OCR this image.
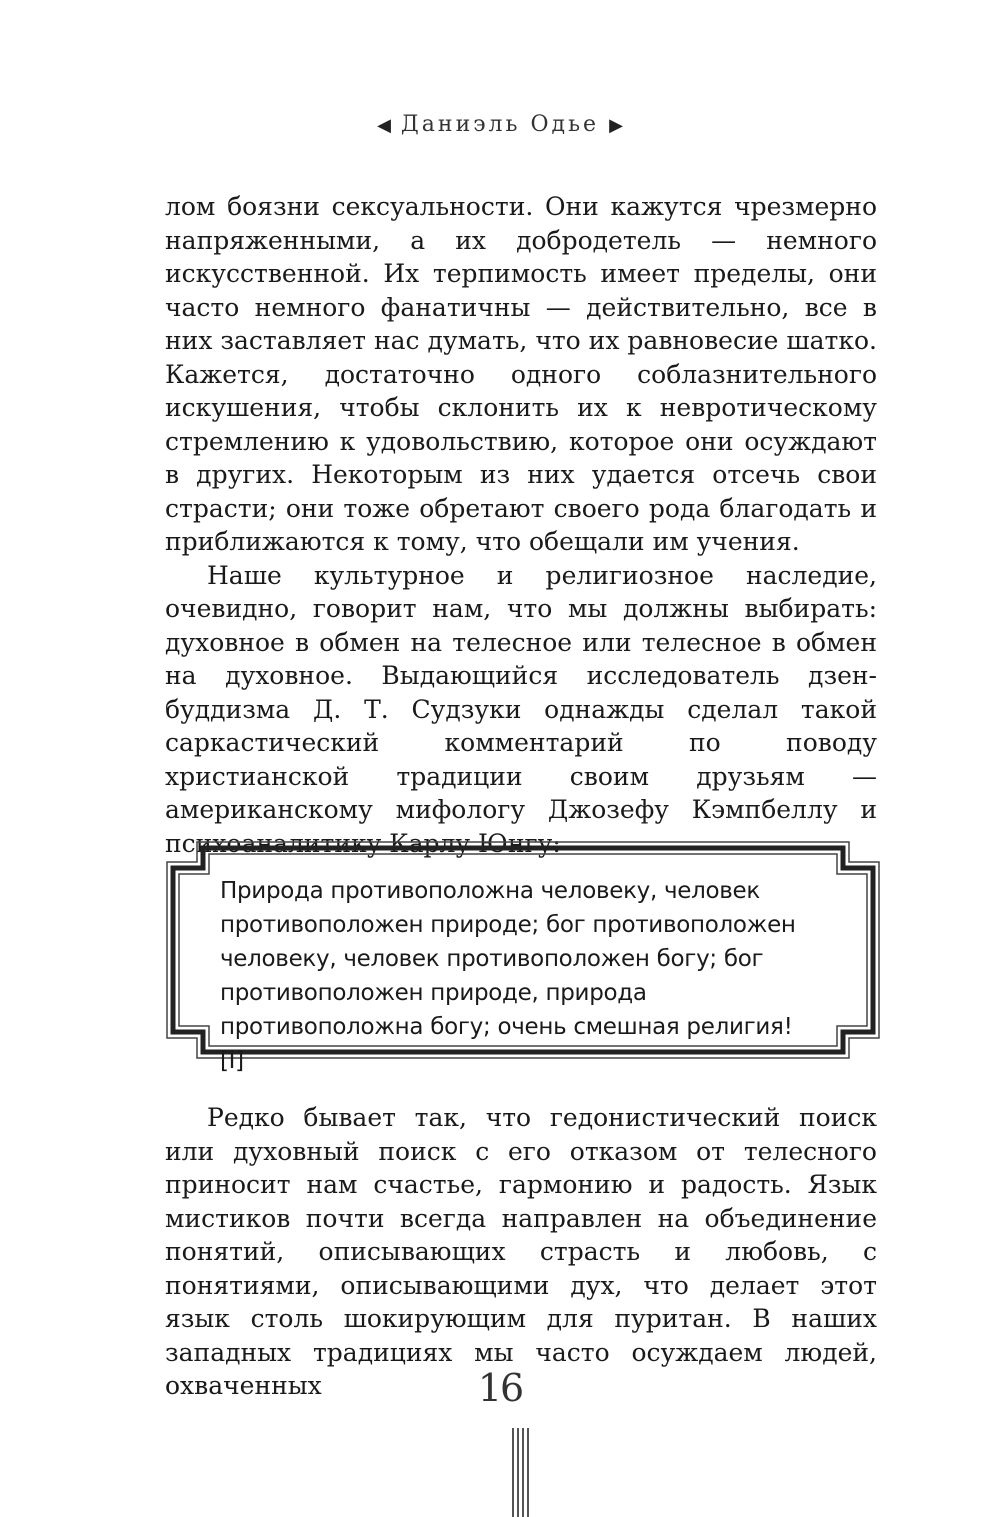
◀ Даниэль Одье ▶

лом боязни сексуальности. Они кажутся чрезмерно напряженными, а их добродетель — немного искусственной. Их терпимость имеет пределы, они часто немного фанатичны — действительно, все в них заставляет нас думать, что их равновесие шатко. Кажется, достаточно одного соблазнительного искушения, чтобы склонить их к невротическому стремлению к удовольствию, которое они осуждают в других. Некоторым из них удается отсечь свои страсти; они тоже обретают своего рода благодать и приближаются к тому, что обещали им учения.

Наше культурное и религиозное наследие, очевидно, говорит нам, что мы должны выбирать: духовное в обмен на телесное или телесное в обмен на духовное. Выдающийся исследователь дзен-буддизма Д. Т. Судзуки однажды сделал такой саркастический комментарий по поводу христианской традиции своим друзьям — американскому мифологу Джозефу Кэмпбеллу и психоаналитику Карлу Юнгу:

Природа противоположна человеку, человек противоположен природе; бог противоположен человеку, человек противоположен богу; бог противоположен природе, природа противоположна богу; очень смешная религия! [I]

Редко бывает так, что гедонистический поиск или духовный поиск с его отказом от телесного приносит нам счастье, гармонию и радость. Язык мистиков почти всегда направлен на объединение понятий, описывающих страсть и любовь, с понятиями, описывающими дух, что делает этот язык столь шокирующим для пуритан. В наших западных традициях мы часто осуждаем людей, охваченных	16
